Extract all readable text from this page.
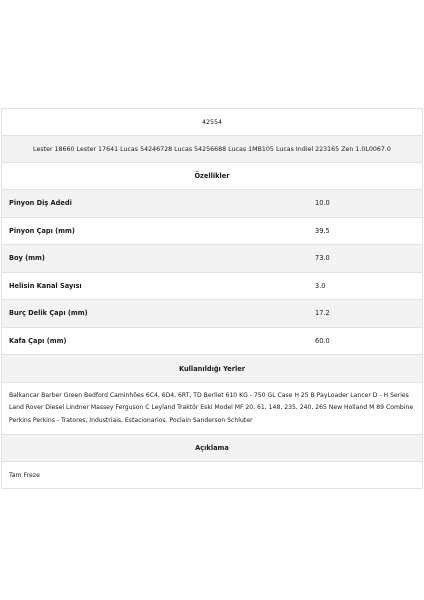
42554
Lester 18660 Lester 17641 Lucas 54246728 Lucas 54256688 Lucas 1MB105 Lucas Indiel 223165 Zen 1.0L0067.0
Özellikler
Pinyon Diş Adedi	10.0
Pinyon Çapı (mm)	39.5
Boy (mm)	73.0
Helisin Kanal Sayısı	3.0
Burç Delik Çapı (mm)	17.2
Kafa Çapı (mm)	60.0
Kullanıldığı Yerler
Balkancar Barber Green Bedford Caminhões 6C4, 6D4, 6RT, TD Berliet 610 KG - 750 GL Case H 25 B PayLoader Lancer D - H Series
Land Rover Diesel Lindner Massey Ferguson C Leyland Traktör Eski Model MF 20, 61, 148, 235, 240, 265 New Holland M 89 Combine
Perkins Perkins - Tratores, Industriais, Estacionarios. Poclain Sanderson Schluter
Açıklama
Tam Freze
